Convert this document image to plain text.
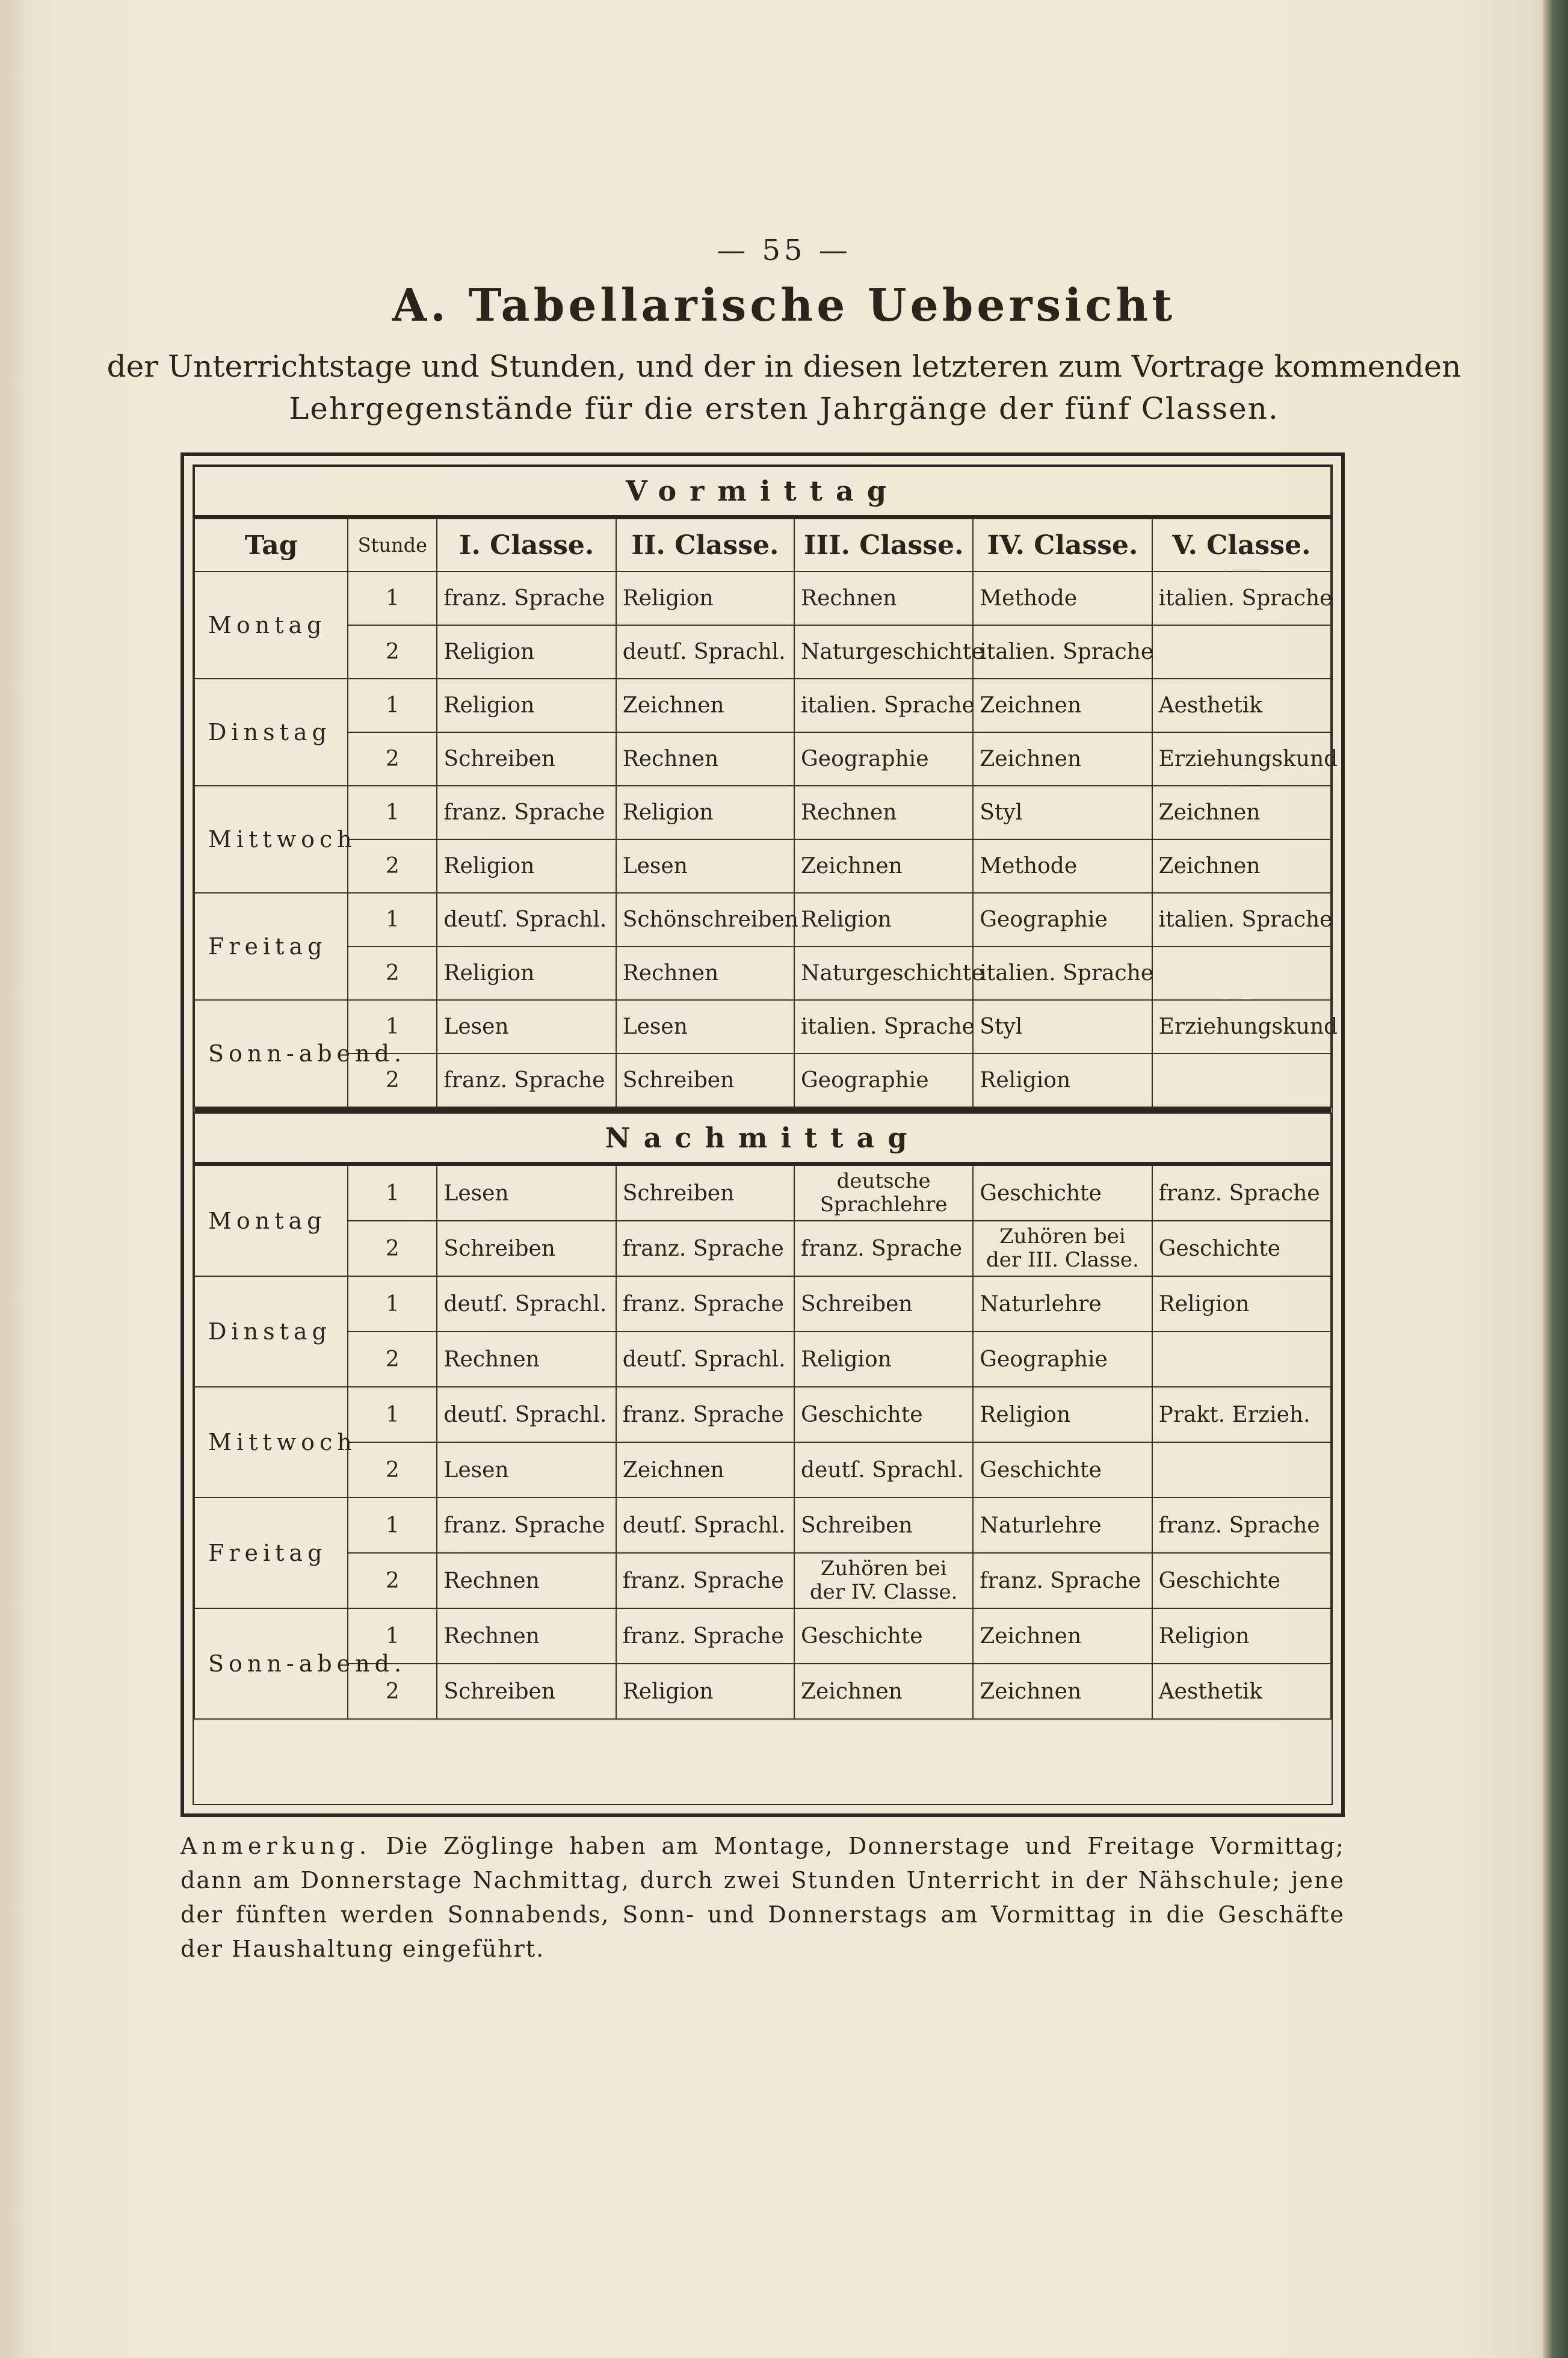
— 55 —
A. Tabellarische Uebersicht
der Unterrichtstage und Stunden, und der in diesen letzteren zum Vortrage kommenden
Lehrgegenstände für die ersten Jahrgänge der fünf Classen.
Vormittag						
Tag	Stunde	I. Classe.	II. Classe.	III. Classe.	IV. Classe.	V. Classe.
Montag	1	franz. Sprache	Religion	Rechnen	Methode	italien. Sprache
	2	Religion	deutſ. Sprachl.	Naturgeschichte	italien. Sprache	
Dinstag	1	Religion	Zeichnen	italien. Sprache	Zeichnen	Aesthetik
	2	Schreiben	Rechnen	Geographie	Zeichnen	Erziehungskund
Mittwoch	1	franz. Sprache	Religion	Rechnen	Styl	Zeichnen
	2	Religion	Lesen	Zeichnen	Methode	Zeichnen
Freitag	1	deutſ. Sprachl.	Schönschreiben	Religion	Geographie	italien. Sprache
	2	Religion	Rechnen	Naturgeschichte	italien. Sprache	
Sonn-abend.	1	Lesen	Lesen	italien. Sprache	Styl	Erziehungskund
	2	franz. Sprache	Schreiben	Geographie	Religion	

Nachmittag						
Montag	1	Lesen	Schreiben	deutsche Sprachlehre	Geschichte	franz. Sprache
	2	Schreiben	franz. Sprache	franz. Sprache	Zuhören bei der III. Classe.	Geschichte
Dinstag	1	deutſ. Sprachl.	franz. Sprache	Schreiben	Naturlehre	Religion
	2	Rechnen	deutſ. Sprachl.	Religion	Geographie	
Mittwoch	1	deutſ. Sprachl.	franz. Sprache	Geschichte	Religion	Prakt. Erzieh.
	2	Lesen	Zeichnen	deutſ. Sprachl.	Geschichte	
Freitag	1	franz. Sprache	deutſ. Sprachl.	Schreiben	Naturlehre	franz. Sprache
	2	Rechnen	franz. Sprache	Zuhören bei der IV. Classe.	franz. Sprache	Geschichte
Sonn-abend.	1	Rechnen	franz. Sprache	Geschichte	Zeichnen	Religion
	2	Schreiben	Religion	Zeichnen	Zeichnen	Aesthetik
Anmerkung. Die Zöglinge haben am Montage, Donnerstage und Freitage Vormittag; dann am Donnerstage Nachmittag, durch zwei Stunden Unterricht in der Nähschule; jene der fünften werden Sonnabends, Sonn- und Donnerstags am Vormittag in die Geschäfte der Haushaltung eingeführt.
